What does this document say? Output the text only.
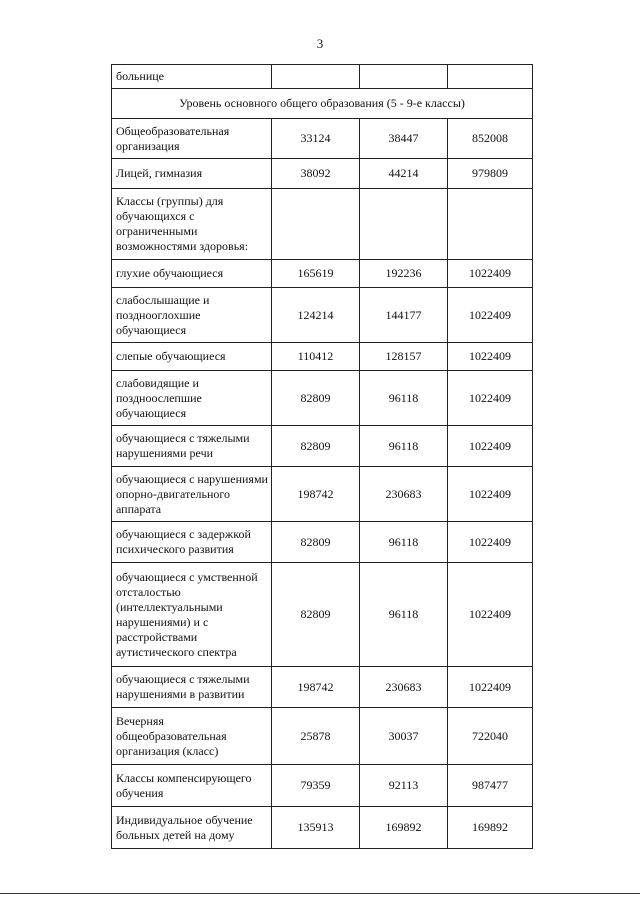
3
больнице			
Уровень основного общего образования (5 - 9-е классы)			
Общеобразовательная организация	33124	38447	852008
Лицей, гимназия	38092	44214	979809
Классы (группы) для обучающихся с ограниченными возможностями здоровья:			
глухие обучающиеся	165619	192236	1022409
слабослышащие и позднооглохшие обучающиеся	124214	144177	1022409
слепые обучающиеся	110412	128157	1022409
слабовидящие и поздноослепшие обучающиеся	82809	96118	1022409
обучающиеся с тяжелыми нарушениями речи	82809	96118	1022409
обучающиеся с нарушениями опорно-двигательного аппарата	198742	230683	1022409
обучающиеся с задержкой психического развития	82809	96118	1022409
обучающиеся с умственной отсталостью (интеллектуальными нарушениями) и с расстройствами аутистического спектра	82809	96118	1022409
обучающиеся с тяжелыми нарушениями в развитии	198742	230683	1022409
Вечерняя общеобразовательная организация (класс)	25878	30037	722040
Классы компенсирующего обучения	79359	92113	987477
Индивидуальное обучение больных детей на дому	135913	169892	169892
